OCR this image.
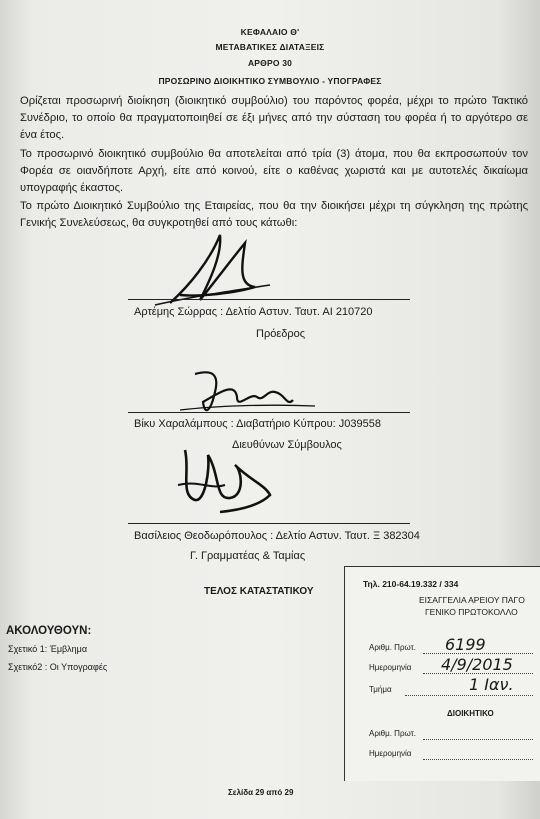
ΚΕΦΑΛΑΙΟ Θ'
ΜΕΤΑΒΑΤΙΚΕΣ ΔΙΑΤΑΞΕΙΣ
ΑΡΘΡΟ 30
ΠΡΟΣΩΡΙΝΟ ΔΙΟΙΚΗΤΙΚΟ ΣΥΜΒΟΥΛΙΟ - ΥΠΟΓΡΑΦΕΣ
Ορίζεται προσωρινή διοίκηση (διοικητικό συμβούλιο) του παρόντος φορέα, μέχρι το πρώτο Τακτικό Συνέδριο, το οποίο θα πραγματοποιηθεί σε έξι μήνες από την σύσταση του φορέα ή το αργότερο σε ένα έτος.
Το προσωρινό διοικητικό συμβούλιο θα αποτελείται από τρία (3) άτομα, που θα εκπροσωπούν τον Φορέα σε οιανδήποτε Αρχή, είτε από κοινού, είτε ο καθένας χωριστά και με αυτοτελές δικαίωμα υπογραφής έκαστος.
Το πρώτο Διοικητικό Συμβούλιο της Εταιρείας, που θα την διοικήσει μέχρι τη σύγκληση της πρώτης Γενικής Συνελεύσεως, θα συγκροτηθεί από τους κάτωθι:
Αρτέμης Σώρρας : Δελτίο Αστυν. Ταυτ. ΑΙ 210720
Πρόεδρος
Βίκυ Χαραλάμπους : Διαβατήριο Κύπρου: J039558
Διευθύνων Σύμβουλος
Βασίλειος Θεοδωρόπουλος : Δελτίο Αστυν. Ταυτ. Ξ 382304
Γ. Γραμματέας & Ταμίας
ΤΕΛΟΣ ΚΑΤΑΣΤΑΤΙΚΟΥ
ΑΚΟΛΟΥΘΟΥΝ:
Σχετικό 1: Έμβλημα
Σχετικό2 : Οι Υπογραφές
Σελίδα 29 από 29
Τηλ. 210-64.19.332 / 334
ΕΙΣΑΓΓΕΛΙΑ ΑΡΕΙΟΥ ΠΑΓΟ
ΓΕΝΙΚΟ ΠΡΩΤΟΚΟΛΛΟ
Αριθμ. Πρωτ. 6199
Ημερομηνία 4/9/2015
Τμήμα	1 Ιαν.
ΔΙΟΙΚΗΤΙΚΟ
Αριθμ. Πρωτ.
Ημερομηνία
